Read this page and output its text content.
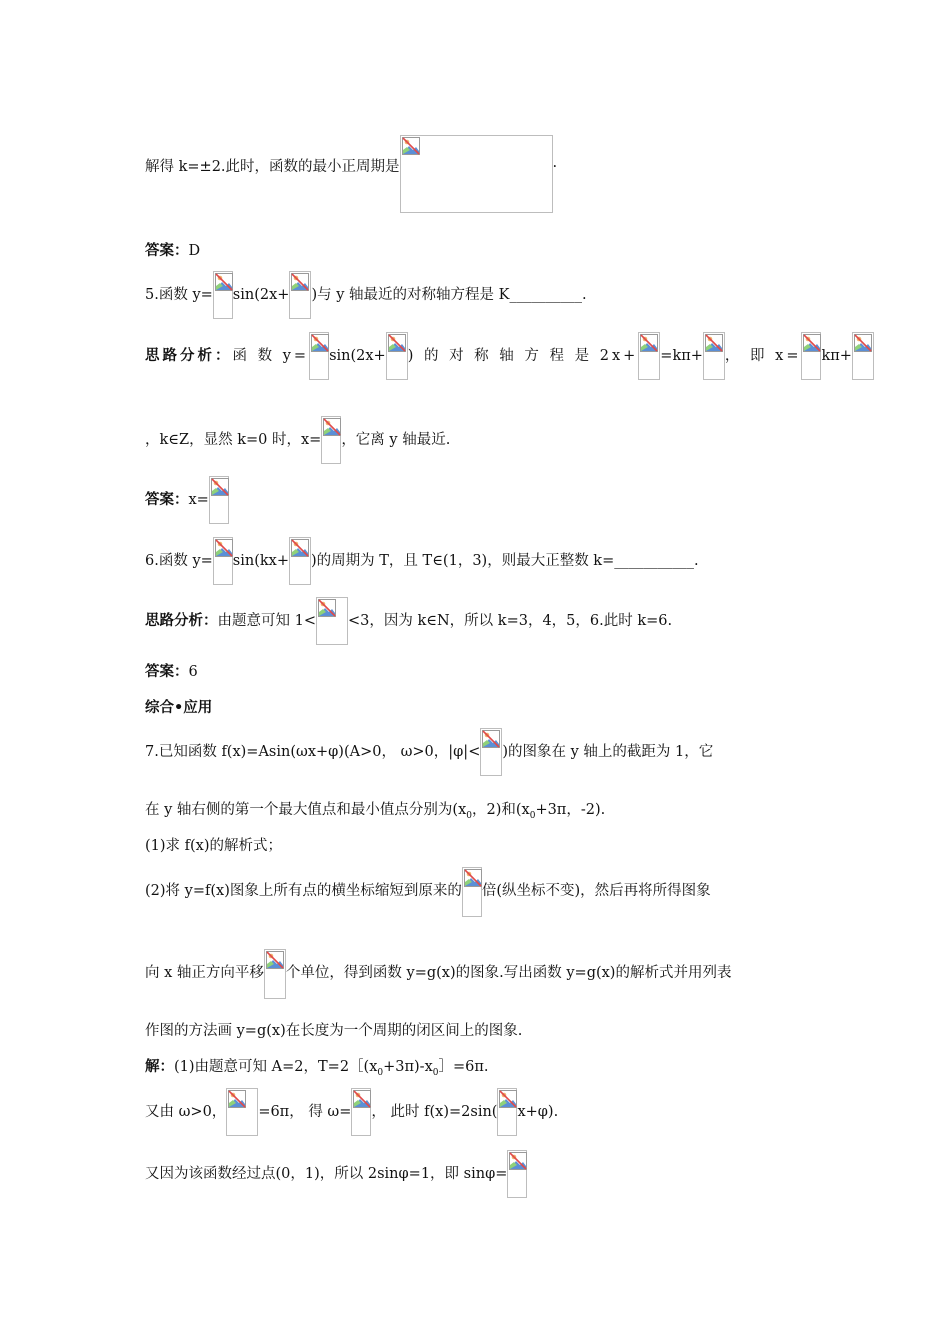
解得 k=±2.此时，函数的最小正周期是	.
答案：D
5.函数 y= sin(2x+ )与 y 轴最近的对称轴方程是 K__________.
思路分析：函 数 y= sin(2x+ ) 的 对 称 轴 方 程 是 2x+ =kπ+ ， 即 x= kπ+
，k∈Z，显然 k=0 时，x= ，它离 y 轴最近.
答案：x=
6.函数 y= sin(kx+ )的周期为 T，且 T∈(1，3)，则最大正整数 k=___________.
思路分析：由题意可知 1< <3，因为 k∈N，所以 k=3，4，5，6.此时 k=6.
答案：6
综合•应用
7.已知函数 f(x)=Asin(ωx+φ)(A>0， ω>0，|φ|< )的图象在 y 轴上的截距为 1，它
在 y 轴右侧的第一个最大值点和最小值点分别为($x_0$，2)和($x_0+3\pi$，-2).
(1)求 f(x)的解析式；
(2)将 y=f(x)图象上所有点的横坐标缩短到原来的 倍(纵坐标不变)，然后再将所得图象
向 x 轴正方向平移 个单位，得到函数 y=g(x)的图象.写出函数 y=g(x)的解析式并用列表
作图的方法画 y=g(x)在长度为一个周期的闭区间上的图象.
解：(1)由题意可知 A=2，$T=2[(x_0+3\pi)-x_0]=6\pi$.
又由 ω>0， =6π， 得 ω= ， 此时 f(x)=2sin( x+φ).
又因为该函数经过点(0，1)，所以 2sinφ=1，即 sinφ=
